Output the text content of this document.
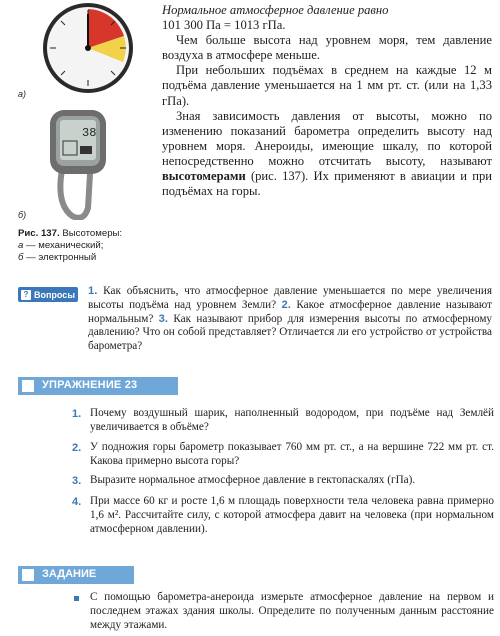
а)
38
б)

Нормальное атмосферное давление равно
101 300 Па = 1013 гПа.

Чем больше высота над уровнем моря, тем давление воздуха в атмосфере меньше.

При небольших подъёмах в среднем на каждые 12 м подъёма давление уменьшается на 1 мм рт. ст. (или на 1,33 гПа).

Зная зависимость давления от высоты, можно по изменению показаний барометра определить высоту над уровнем моря. Анероиды, имеющие шкалу, по которой непосредственно можно отсчитать высоту, называют высотомерами (рис. 137). Их применяют в авиации и при подъёмах на горы.

Рис. 137. Высотомеры:
а — механический;
б — электронный
? Вопросы 1. Как объяснить, что атмосферное давление уменьшается по мере увеличения высоты подъёма над уровнем Земли? 2. Какое атмосферное давление называют нормальным? 3. Как называют прибор для измерения высоты по атмосферному давлению? Что он собой представляет? Отличается ли его устройство от устройства барометра?
УПРАЖНЕНИЕ 23
1. Почему воздушный шарик, наполненный водородом, при подъёме над Землёй увеличивается в объёме?
2. У подножия горы барометр показывает 760 мм рт. ст., а на вершине 722 мм рт. ст. Какова примерно высота горы?
3. Выразите нормальное атмосферное давление в гектопаскалях (гПа).
4. При массе 60 кг и росте 1,6 м площадь поверхности тела человека равна примерно 1,6 м². Рассчитайте силу, с которой атмосфера давит на человека (при нормальном атмосферном давлении).
ЗАДАНИЕ
С помощью барометра-анероида измерьте атмосферное давление на первом и последнем этажах здания школы. Определите по полученным данным расстояние между этажами.
